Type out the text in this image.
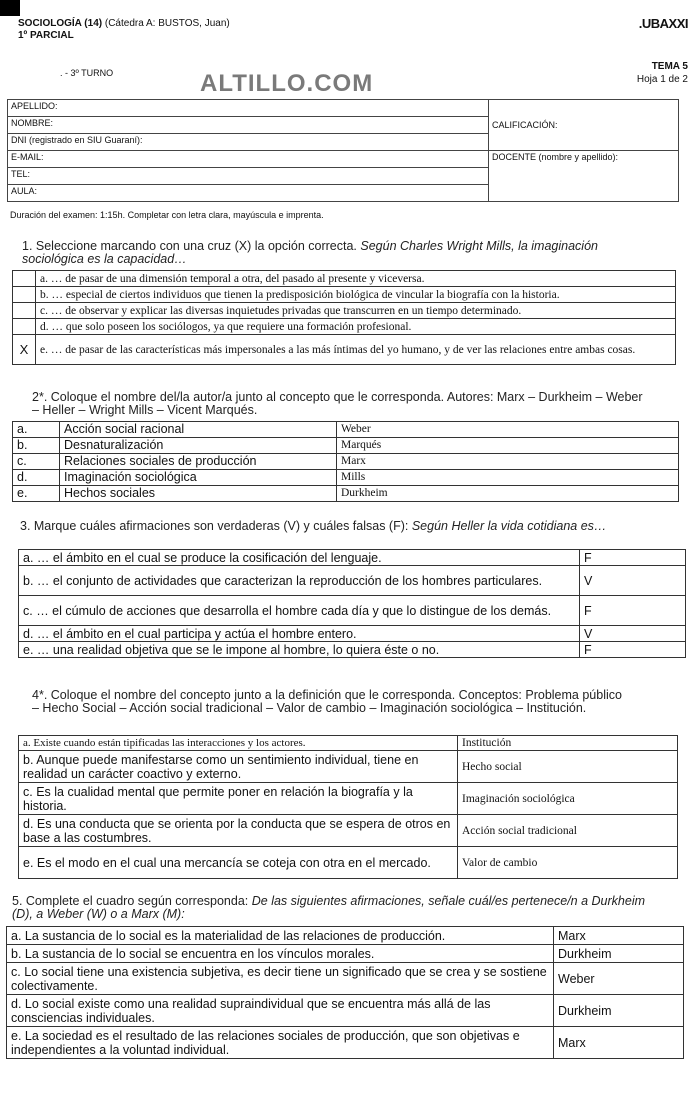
SOCIOLOGÍA (14) (Cátedra A: BUSTOS, Juan)
1º PARCIAL
.UBAXXI
. - 3º TURNO	ALTILLO.COM
TEMA 5
Hoja 1 de 2
APELLIDO:	CALIFICACIÓN:
NOMBRE:	
DNI (registrado en SIU Guaraní):	
E-MAIL:	DOCENTE (nombre y apellido):
TEL:	
AULA:	
Duración del examen: 1:15h. Completar con letra clara, mayúscula e imprenta.
1. Seleccione marcando con una cruz (X) la opción correcta. Según Charles Wright Mills, la imaginación sociológica es la capacidad…
	a. … de pasar de una dimensión temporal a otra, del pasado al presente y viceversa.
	b. … especial de ciertos individuos que tienen la predisposición biológica de vincular la biografía con la historia.
	c. … de observar y explicar las diversas inquietudes privadas que transcurren en un tiempo determinado.
	d. … que solo poseen los sociólogos, ya que requiere una formación profesional.
X	e. … de pasar de las características más impersonales a las más íntimas del yo humano, y de ver las relaciones entre ambas cosas.
2*. Coloque el nombre del/la autor/a junto al concepto que le corresponda. Autores: Marx – Durkheim – Weber – Heller – Wright Mills – Vicent Marqués.
a.	Acción social racional	Weber
b.	Desnaturalización	Marqués
c.	Relaciones sociales de producción	Marx
d.	Imaginación sociológica	Mills
e.	Hechos sociales	Durkheim
3. Marque cuáles afirmaciones son verdaderas (V) y cuáles falsas (F): Según Heller la vida cotidiana es…
a. … el ámbito en el cual se produce la cosificación del lenguaje.	F
b. … el conjunto de actividades que caracterizan la reproducción de los hombres particulares.	V
c. … el cúmulo de acciones que desarrolla el hombre cada día y que lo distingue de los demás.	F
d. … el ámbito en el cual participa y actúa el hombre entero.	V
e. … una realidad objetiva que se le impone al hombre, lo quiera éste o no.	F
4*. Coloque el nombre del concepto junto a la definición que le corresponda. Conceptos: Problema público – Hecho Social – Acción social tradicional – Valor de cambio – Imaginación sociológica – Institución.
a. Existe cuando están tipificadas las interacciones y los actores.	Institución
b. Aunque puede manifestarse como un sentimiento individual, tiene en realidad un carácter coactivo y externo.	Hecho social
c. Es la cualidad mental que permite poner en relación la biografía y la historia.	Imaginación sociológica
d. Es una conducta que se orienta por la conducta que se espera de otros en base a las costumbres.	Acción social tradicional
e. Es el modo en el cual una mercancía se coteja con otra en el mercado.	Valor de cambio
5. Complete el cuadro según corresponda: De las siguientes afirmaciones, señale cuál/es pertenece/n a Durkheim (D), a Weber (W) o a Marx (M):
a. La sustancia de lo social es la materialidad de las relaciones de producción.	Marx
b. La sustancia de lo social se encuentra en los vínculos morales.	Durkheim
c. Lo social tiene una existencia subjetiva, es decir tiene un significado que se crea y se sostiene colectivamente.	Weber
d. Lo social existe como una realidad supraindividual que se encuentra más allá de las consciencias individuales.	Durkheim
e. La sociedad es el resultado de las relaciones sociales de producción, que son objetivas e independientes a la voluntad individual.	Marx
